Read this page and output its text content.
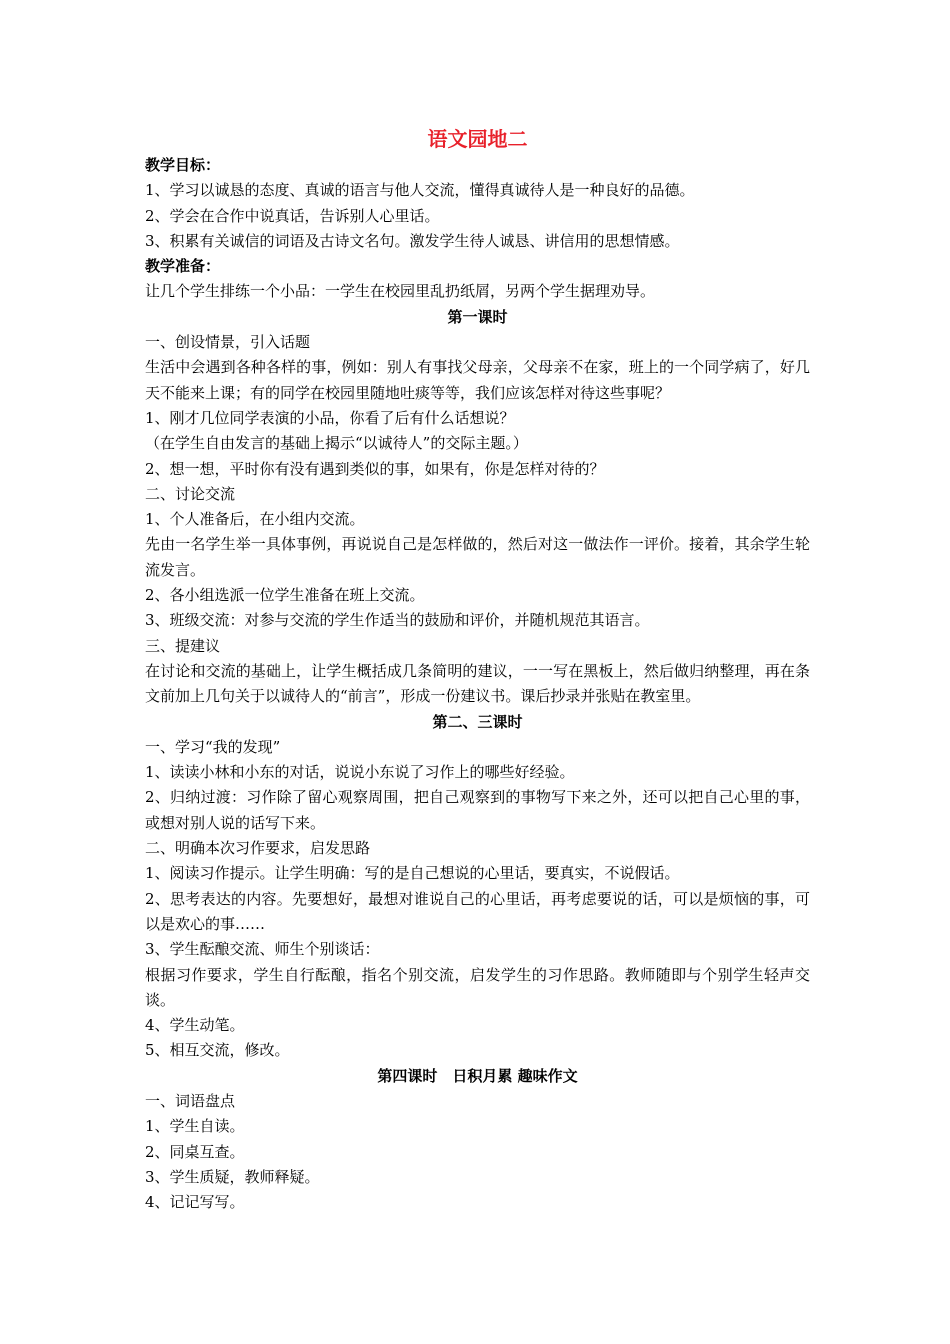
语文园地二

教学目标：

1、学习以诚恳的态度、真诚的语言与他人交流，懂得真诚待人是一种良好的品德。

2、学会在合作中说真话，告诉别人心里话。

3、积累有关诚信的词语及古诗文名句。激发学生待人诚恳、讲信用的思想情感。

教学准备：

让几个学生排练一个小品：一学生在校园里乱扔纸屑，另两个学生据理劝导。

第一课时

一、创设情景，引入话题

生活中会遇到各种各样的事，例如：别人有事找父母亲，父母亲不在家，班上的一个同学病了，好几天不能来上课；有的同学在校园里随地吐痰等等，我们应该怎样对待这些事呢？

1、刚才几位同学表演的小品，你看了后有什么话想说？

（在学生自由发言的基础上揭示“以诚待人”的交际主题。）

2、想一想，平时你有没有遇到类似的事，如果有，你是怎样对待的？

二、讨论交流

1、个人准备后，在小组内交流。

先由一名学生举一具体事例，再说说自己是怎样做的，然后对这一做法作一评价。接着，其余学生轮流发言。

2、各小组选派一位学生准备在班上交流。

3、班级交流：对参与交流的学生作适当的鼓励和评价，并随机规范其语言。

三、提建议

在讨论和交流的基础上，让学生概括成几条简明的建议，一一写在黑板上，然后做归纳整理，再在条文前加上几句关于以诚待人的“前言”，形成一份建议书。课后抄录并张贴在教室里。

第二、三课时

一、学习“我的发现”

1、读读小林和小东的对话，说说小东说了习作上的哪些好经验。

2、归纳过渡：习作除了留心观察周围，把自己观察到的事物写下来之外，还可以把自己心里的事，或想对别人说的话写下来。

二、明确本次习作要求，启发思路

1、阅读习作提示。让学生明确：写的是自己想说的心里话，要真实，不说假话。

2、思考表达的内容。先要想好，最想对谁说自己的心里话，再考虑要说的话，可以是烦恼的事，可以是欢心的事……

3、学生酝酿交流、师生个别谈话：

根据习作要求，学生自行酝酿，指名个别交流，启发学生的习作思路。教师随即与个别学生轻声交谈。

4、学生动笔。

5、相互交流，修改。

第四课时　日积月累 趣味作文

一、词语盘点

1、学生自读。

2、同桌互查。

3、学生质疑，教师释疑。

4、记记写写。
